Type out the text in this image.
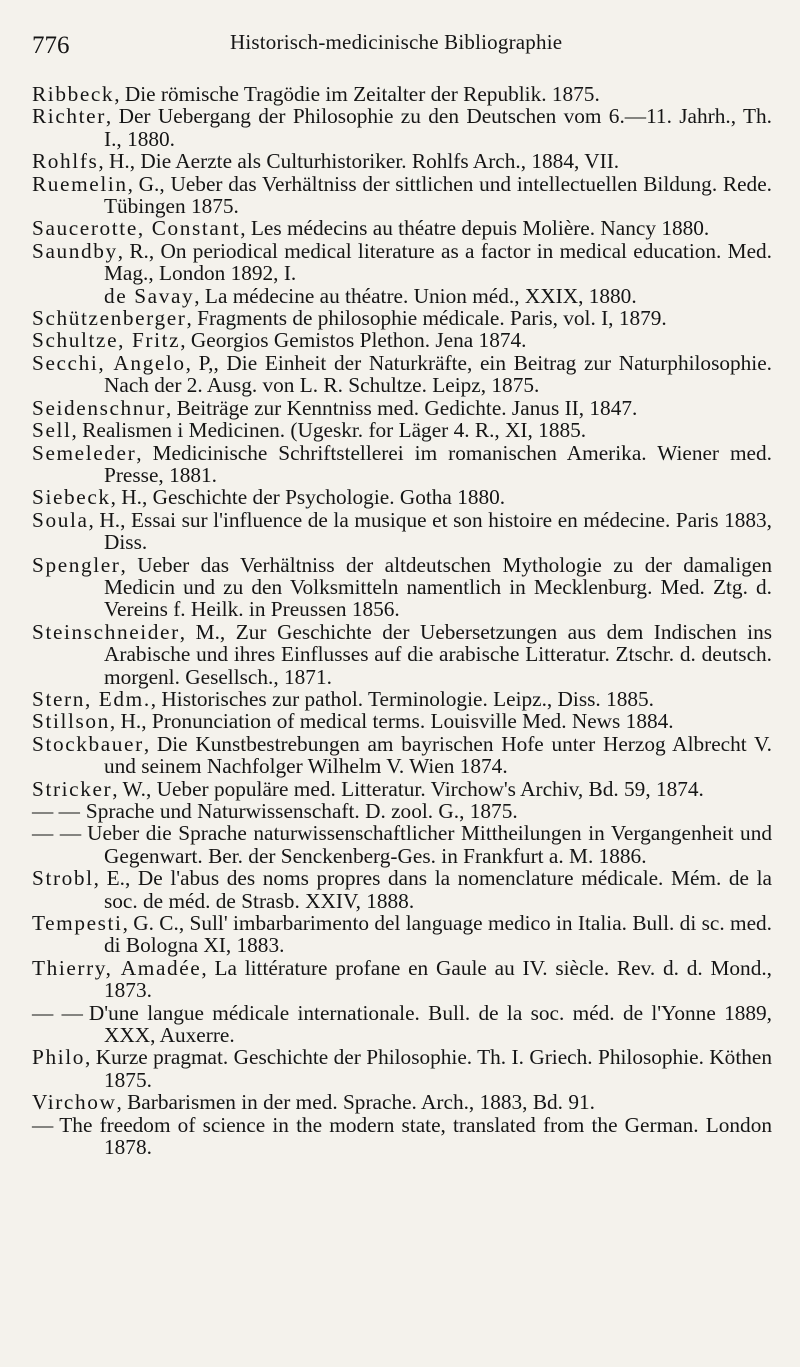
776	Historisch-medicinische Bibliographie

Ribbeck, Die römische Tragödie im Zeitalter der Republik. 1875.

Richter, Der Uebergang der Philosophie zu den Deutschen vom 6.—11. Jahrh., Th. I., 1880.

Rohlfs, H., Die Aerzte als Culturhistoriker. Rohlfs Arch., 1884, VII.

Ruemelin, G., Ueber das Verhältniss der sittlichen und intellectuellen Bildung. Rede. Tübingen 1875.

Saucerotte, Constant, Les médecins au théatre depuis Molière. Nancy 1880.

Saundby, R., On periodical medical literature as a factor in medical education. Med. Mag., London 1892, I.

de Savay, La médecine au théatre. Union méd., XXIX, 1880.

Schützenberger, Fragments de philosophie médicale. Paris, vol. I, 1879.

Schultze, Fritz, Georgios Gemistos Plethon. Jena 1874.

Secchi, Angelo, P,, Die Einheit der Naturkräfte, ein Beitrag zur Naturphilosophie. Nach der 2. Ausg. von L. R. Schultze. Leipz, 1875.

Seidenschnur, Beiträge zur Kenntniss med. Gedichte. Janus II, 1847.

Sell, Realismen i Medicinen. (Ugeskr. for Läger 4. R., XI, 1885.

Semeleder, Medicinische Schriftstellerei im romanischen Amerika. Wiener med. Presse, 1881.

Siebeck, H., Geschichte der Psychologie. Gotha 1880.

Soula, H., Essai sur l'influence de la musique et son histoire en médecine. Paris 1883, Diss.

Spengler, Ueber das Verhältniss der altdeutschen Mythologie zu der damaligen Medicin und zu den Volksmitteln namentlich in Mecklenburg. Med. Ztg. d. Vereins f. Heilk. in Preussen 1856.

Steinschneider, M., Zur Geschichte der Uebersetzungen aus dem Indischen ins Arabische und ihres Einflusses auf die arabische Litteratur. Ztschr. d. deutsch. morgenl. Gesellsch., 1871.

Stern, Edm., Historisches zur pathol. Terminologie. Leipz., Diss. 1885.

Stillson, H., Pronunciation of medical terms. Louisville Med. News 1884.

Stockbauer, Die Kunstbestrebungen am bayrischen Hofe unter Herzog Albrecht V. und seinem Nachfolger Wilhelm V. Wien 1874.

Stricker, W., Ueber populäre med. Litteratur. Virchow's Archiv, Bd. 59, 1874.

— — Sprache und Naturwissenschaft. D. zool. G., 1875.

— — Ueber die Sprache naturwissenschaftlicher Mittheilungen in Vergangenheit und Gegenwart. Ber. der Senckenberg-Ges. in Frankfurt a. M. 1886.

Strobl, E., De l'abus des noms propres dans la nomenclature médicale. Mém. de la soc. de méd. de Strasb. XXIV, 1888.

Tempesti, G. C., Sull' imbarbarimento del language medico in Italia. Bull. di sc. med. di Bologna XI, 1883.

Thierry, Amadée, La littérature profane en Gaule au IV. siècle. Rev. d. d. Mond., 1873.

— — D'une langue médicale internationale. Bull. de la soc. méd. de l'Yonne 1889, XXX, Auxerre.

Philo, Kurze pragmat. Geschichte der Philosophie. Th. I. Griech. Philosophie. Köthen 1875.

Virchow, Barbarismen in der med. Sprache. Arch., 1883, Bd. 91.

— The freedom of science in the modern state, translated from the German. London 1878.
